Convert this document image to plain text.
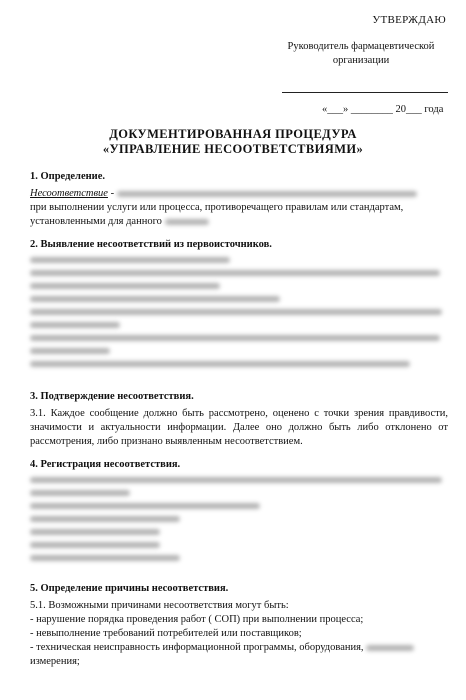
УТВЕРЖДАЮ
Руководитель фармацевтической
организации
«___» ________ 20___ года
ДОКУМЕНТИРОВАННАЯ ПРОЦЕДУРА
«УПРАВЛЕНИЕ НЕСООТВЕТСТВИЯМИ»
1. Определение.

Несоответствие -

при выполнении услуги или процесса, противоречащего правилам или стандартам,

установленными для данного

2. Выявление несоответствий из первоисточников.
3. Подтверждение несоответствия.

3.1. Каждое сообщение должно быть рассмотрено, оценено с точки зрения правдивости, значимости и актуальности информации. Далее оно должно быть либо отклонено от рассмотрения, либо признано выявленным несоответствием.

4. Регистрация несоответствия.
5. Определение причины несоответствия.

5.1. Возможными причинами несоответствия могут быть:

- нарушение порядка проведения работ ( СОП) при выполнении процесса;

- невыполнение требований потребителей или поставщиков;

- техническая неисправность информационной программы, оборудования,

измерения;
